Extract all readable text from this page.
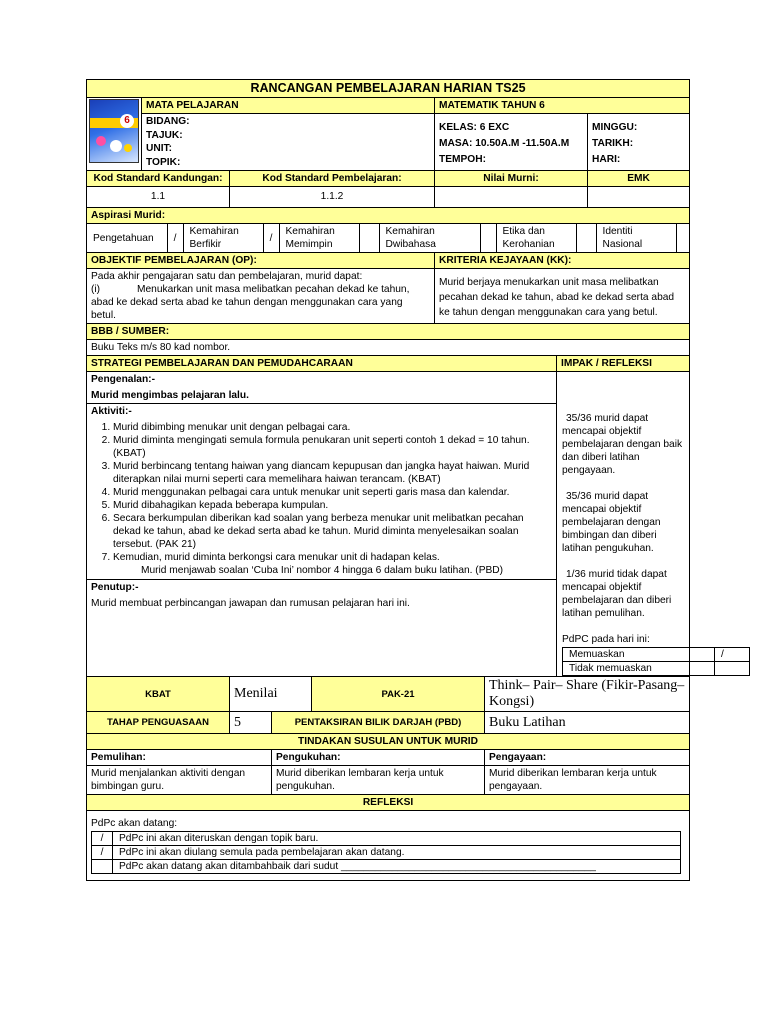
RANCANGAN PEMBELAJARAN HARIAN TS25

6
	MATA PELAJARAN	MATEMATIK TAHUN 6

BIDANG:
TAJUK:
UNIT:
TOPIK:

KELAS: 6 EXC
MASA: 10.50A.M -11.50A.M
TEMPOH:

MINGGU:
TARIKH:
HARI:

Kod Standard Kandungan:	Kod Standard Pembelajaran:	Nilai Murni:	EMK
1.1	1.1.2		
Aspirasi Murid:

Pengetahuan	/	Kemahiran Berfikir	/	Kemahiran Memimpin		Kemahiran Dwibahasa		Etika dan Kerohanian		Identiti Nasional	

OBJEKTIF PEMBELAJARAN (OP):	KRITERIA KEJAYAAN (KK):

Pada akhir pengajaran satu dan pembelajaran, murid dapat:
(i)	Menukarkan unit masa melibatkan pecahan dekad ke tahun, abad ke dekad serta abad ke tahun dengan menggunakan cara yang betul.
	Murid berjaya menukarkan unit masa melibatkan pecahan dekad ke tahun, abad ke dekad serta abad ke tahun dengan menggunakan cara yang betul.
BBB / SUMBER:
Buku Teks m/s 80 kad nombor.
STRATEGI PEMBELAJARAN DAN PEMUDAHCARAAN	IMPAK / REFLEKSI

Pengenalan:-
Murid mengimbas pelajaran lalu.
Aktiviti:-
1. Murid dibimbing menukar unit dengan pelbagai cara.
2. Murid diminta mengingati semula formula penukaran unit seperti contoh 1 dekad = 10 tahun. (KBAT)
3. Murid berbincang tentang haiwan yang diancam kepupusan dan jangka hayat haiwan. Murid diterapkan nilai murni seperti cara memelihara haiwan terancam. (KBAT)
4. Murid menggunakan pelbagai cara untuk menukar unit seperti garis masa dan kalendar.
5. Murid dibahagikan kepada beberapa kumpulan.
6. Secara berkumpulan diberikan kad soalan yang berbeza menukar unit melibatkan pecahan dekad ke tahun, abad ke dekad serta abad ke tahun. Murid diminta menyelesaikan soalan tersebut. (PAK 21)
7. Kemudian, murid diminta berkongsi cara menukar unit di hadapan kelas.
Murid menjawab soalan ‘Cuba Ini’ nombor 4 hingga 6 dalam buku latihan. (PBD)
Penutup:-
Murid membuat perbincangan jawapan dan rumusan pelajaran hari ini.

35/36 murid dapat mencapai objektif pembelajaran dengan baik dan diberi latihan pengayaan.

35/36 murid dapat mencapai objektif pembelajaran dengan bimbingan dan diberi latihan pengukuhan.

1/36 murid tidak dapat mencapai objektif pembelajaran dan diberi latihan pemulihan.

PdPC pada hari ini:

Memuaskan	/
Tidak memuaskan	

KBAT	Menilai	PAK-21	Think– Pair– Share (Fikir-Pasang– Kongsi)
TAHAP PENGUASAAN	5	PENTAKSIRAN BILIK DARJAH (PBD)	Buku Latihan
TINDAKAN SUSULAN UNTUK MURID
Pemulihan:	Pengukuhan:	Pengayaan:
Murid menjalankan aktiviti dengan bimbingan guru.	Murid diberikan lembaran kerja untuk pengukuhan.	Murid diberikan lembaran kerja untuk pengayaan.
REFLEKSI

PdPc akan datang:
/	PdPc ini akan diteruskan dengan topik baru.
/	PdPc ini akan diulang semula pada pembelajaran akan datang.
	PdPc akan datang akan ditambahbaik dari sudut _____________________________________________
